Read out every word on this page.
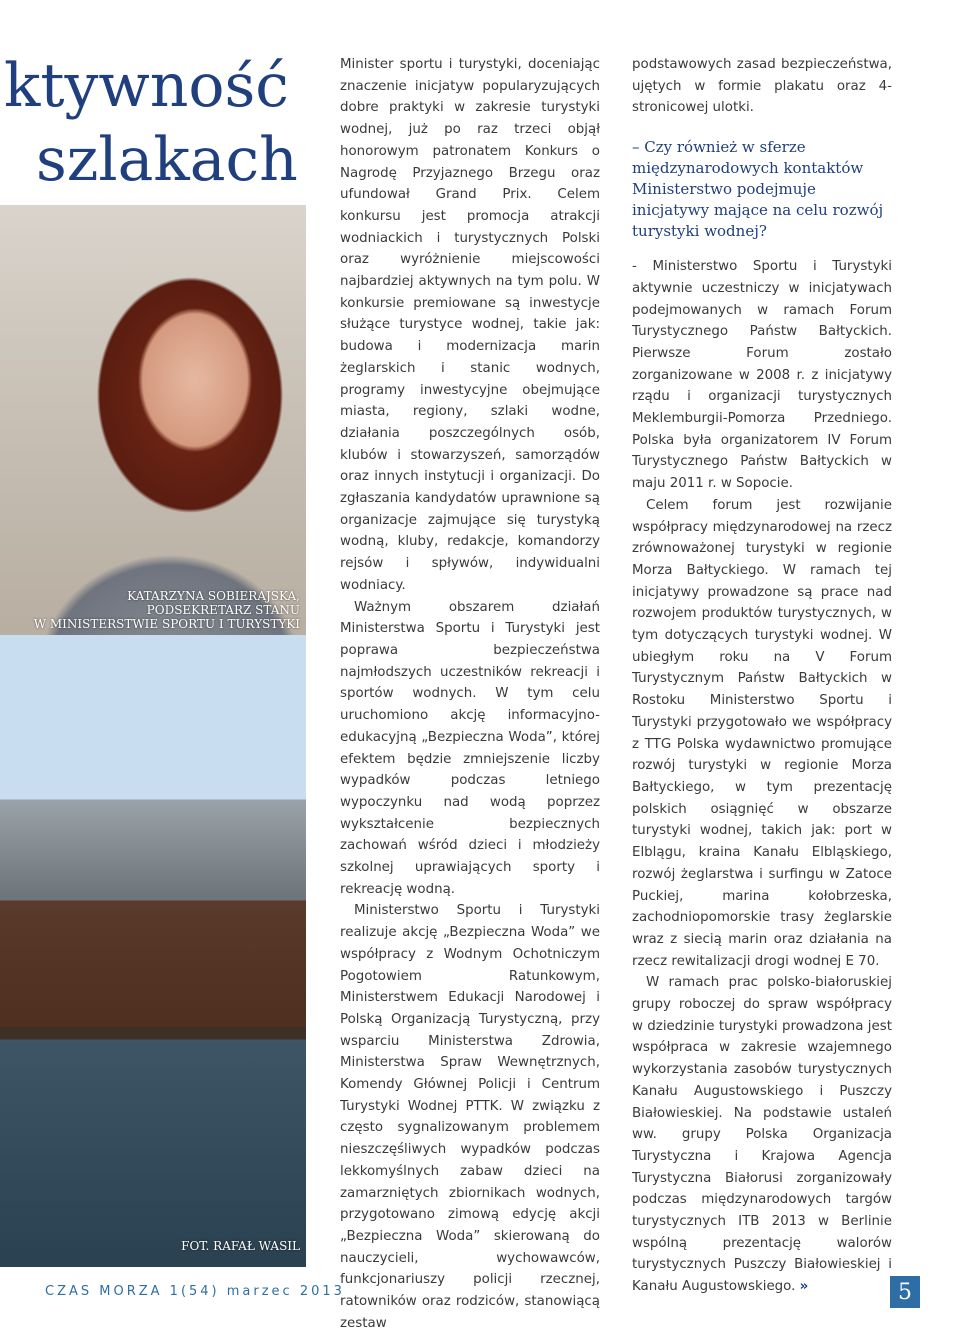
ktywność
szlakach
KATARZYNA SOBIERAJSKA,
PODSEKRETARZ STANU
W MINISTERSTWIE SPORTU I TURYSTYKI
FOT. RAFAŁ WASIL

Minister sportu i turystyki, doceniając znaczenie inicjatyw popularyzujących dobre praktyki w zakresie turystyki wodnej, już po raz trzeci objął honorowym patronatem Konkurs o Nagrodę Przyjaznego Brzegu oraz ufundował Grand Prix. Celem konkursu jest promocja atrakcji wodniackich i turystycznych Polski oraz wyróżnienie miejscowości najbardziej aktywnych na tym polu. W konkursie premiowane są inwestycje służące turystyce wodnej, takie jak: budowa i modernizacja marin żeglarskich i stanic wodnych, programy inwestycyjne obejmujące miasta, regiony, szlaki wodne, działania poszczególnych osób, klubów i stowarzyszeń, samorządów oraz innych instytucji i organizacji. Do zgłaszania kandydatów uprawnione są organizacje zajmujące się turystyką wodną, kluby, redakcje, komandorzy rejsów i spływów, indywidualni wodniacy.

Ważnym obszarem działań Ministerstwa Sportu i Turystyki jest poprawa bezpieczeństwa najmłodszych uczestników rekreacji i sportów wodnych. W tym celu uruchomiono akcję informacyjno-edukacyjną „Bezpieczna Woda”, której efektem będzie zmniejszenie liczby wypadków podczas letniego wypoczynku nad wodą poprzez wykształcenie bezpiecznych zachowań wśród dzieci i młodzieży szkolnej uprawiających sporty i rekreację wodną.

Ministerstwo Sportu i Turystyki realizuje akcję „Bezpieczna Woda” we współpracy z Wodnym Ochotniczym Pogotowiem Ratunkowym, Ministerstwem Edukacji Narodowej i Polską Organizacją Turystyczną, przy wsparciu Ministerstwa Zdrowia, Ministerstwa Spraw Wewnętrznych, Komendy Głównej Policji i Centrum Turystyki Wodnej PTTK. W związku z często sygnalizowanym problemem nieszczęśliwych wypadków podczas lekkomyślnych zabaw dzieci na zamarzniętych zbiornikach wodnych, przygotowano zimową edycję akcji „Bezpieczna Woda” skierowaną do nauczycieli, wychowawców, funkcjonariuszy policji rzecznej, ratowników oraz rodziców, stanowiącą zestaw

podstawowych zasad bezpieczeństwa, ujętych w formie plakatu oraz 4-stronicowej ulotki.

– Czy również w sferze międzynarodowych kontaktów Ministerstwo podejmuje inicjatywy mające na celu rozwój turystyki wodnej?

- Ministerstwo Sportu i Turystyki aktywnie uczestniczy w inicjatywach podejmowanych w ramach Forum Turystycznego Państw Bałtyckich. Pierwsze Forum zostało zorganizowane w 2008 r. z inicjatywy rządu i organizacji turystycznych Meklemburgii-Pomorza Przedniego. Polska była organizatorem IV Forum Turystycznego Państw Bałtyckich w maju 2011 r. w Sopocie.

Celem forum jest rozwijanie współpracy międzynarodowej na rzecz zrównoważonej turystyki w regionie Morza Bałtyckiego. W ramach tej inicjatywy prowadzone są prace nad rozwojem produktów turystycznych, w tym dotyczących turystyki wodnej. W ubiegłym roku na V Forum Turystycznym Państw Bałtyckich w Rostoku Ministerstwo Sportu i Turystyki przygotowało we współpracy z TTG Polska wydawnictwo promujące rozwój turystyki w regionie Morza Bałtyckiego, w tym prezentację polskich osiągnięć w obszarze turystyki wodnej, takich jak: port w Elblągu, kraina Kanału Elbląskiego, rozwój żeglarstwa i surfingu w Zatoce Puckiej, marina kołobrzeska, zachodniopomorskie trasy żeglarskie wraz z siecią marin oraz działania na rzecz rewitalizacji drogi wodnej E 70.

W ramach prac polsko-białoruskiej grupy roboczej do spraw współpracy w dziedzinie turystyki prowadzona jest współpraca w zakresie wzajemnego wykorzystania zasobów turystycznych Kanału Augustowskiego i Puszczy Białowieskiej. Na podstawie ustaleń ww. grupy Polska Organizacja Turystyczna i Krajowa Agencja Turystyczna Białorusi zorganizowały podczas międzynarodowych targów turystycznych ITB 2013 w Berlinie wspólną prezentację walorów turystycznych Puszczy Białowieskiej i Kanału Augustowskiego. »

CZAS MORZA 1(54) marzec 2013	5
